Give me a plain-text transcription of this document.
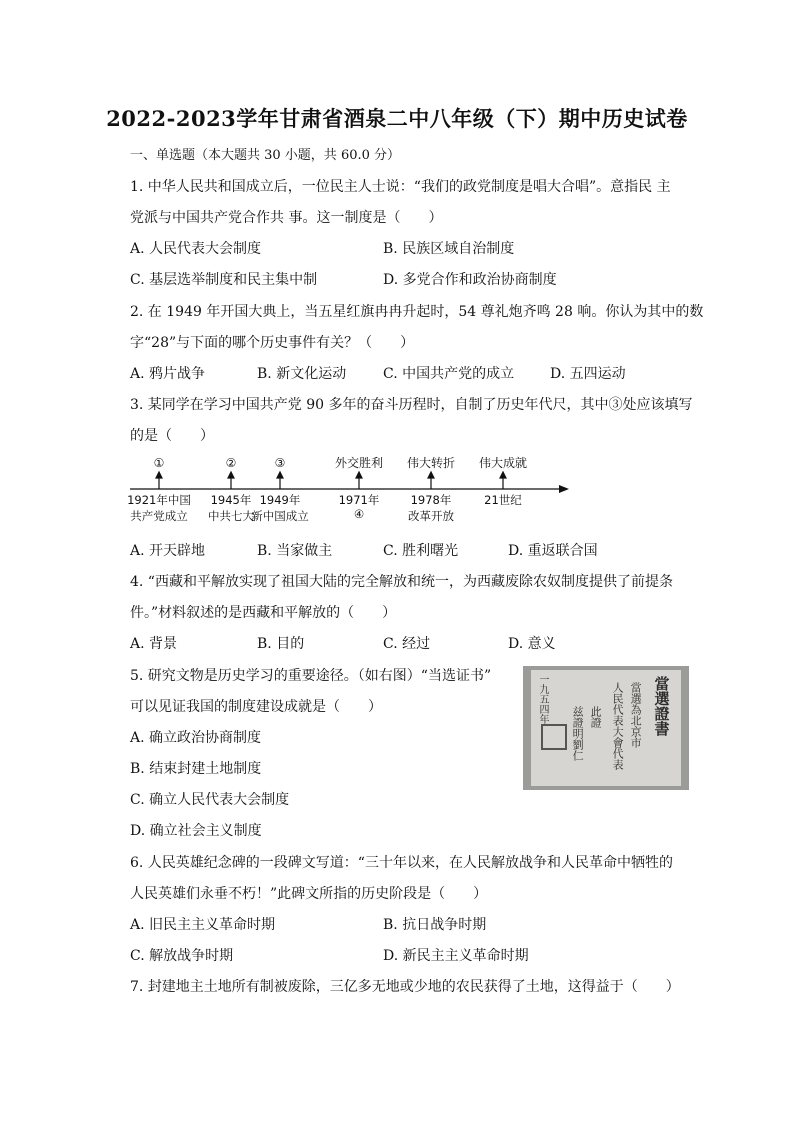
2022-2023学年甘肃省酒泉二中八年级（下）期中历史试卷
一、单选题（本大题共 30 小题，共 60.0 分）
1. 中华人民共和国成立后，一位民主人士说：“我们的政党制度是唱大合唱”。意指民 主
党派与中国共产党合作共 事。这一制度是（　　）
A. 人民代表大会制度	B. 民族区域自治制度
C. 基层选举制度和民主集中制	D. 多党合作和政治协商制度
2. 在 1949 年开国大典上，当五星红旗冉冉升起时，54 尊礼炮齐鸣 28 响。你认为其中的数
字“28”与下面的哪个历史事件有关？（　　）
A. 鸦片战争	B. 新文化运动	C. 中国共产党的成立	D. 五四运动
3. 某同学在学习中国共产党 90 多年的奋斗历程时，自制了历史年代尺，其中③处应该填写
的是（　　）
①	②	③	外交胜利 伟大转折 伟大成就
1921年中国 1945年 1949年	1971年	1978年	21世纪
共产党成立 中共七大
新中国成立	④	改革开放
A. 开天辟地	B. 当家做主	C. 胜利曙光	D. 重返联合国
4. “西藏和平解放实现了祖国大陆的完全解放和统一，为西藏废除农奴制度提供了前提条
件。”材料叙述的是西藏和平解放的（　　）
A. 背景	B. 目的	C. 经过	D. 意义
5. 研究文物是历史学习的重要途径。（如右图）“当选证书”
可以见证我国的制度建设成就是（　　）
A. 确立政治协商制度
B. 结束封建土地制度
C. 确立人民代表大会制度
D. 确立社会主义制度
一九五四年
兹證明劉仁 此證 人民代表大會代表 當選為北京市 當選證書
6. 人民英雄纪念碑的一段碑文写道：“三十年以来，在人民解放战争和人民革命中牺牲的
人民英雄们永垂不朽！”此碑文所指的历史阶段是（　　）
A. 旧民主主义革命时期	B. 抗日战争时期
C. 解放战争时期	D. 新民主主义革命时期
7. 封建地主土地所有制被废除，三亿多无地或少地的农民获得了土地，这得益于（　　）
